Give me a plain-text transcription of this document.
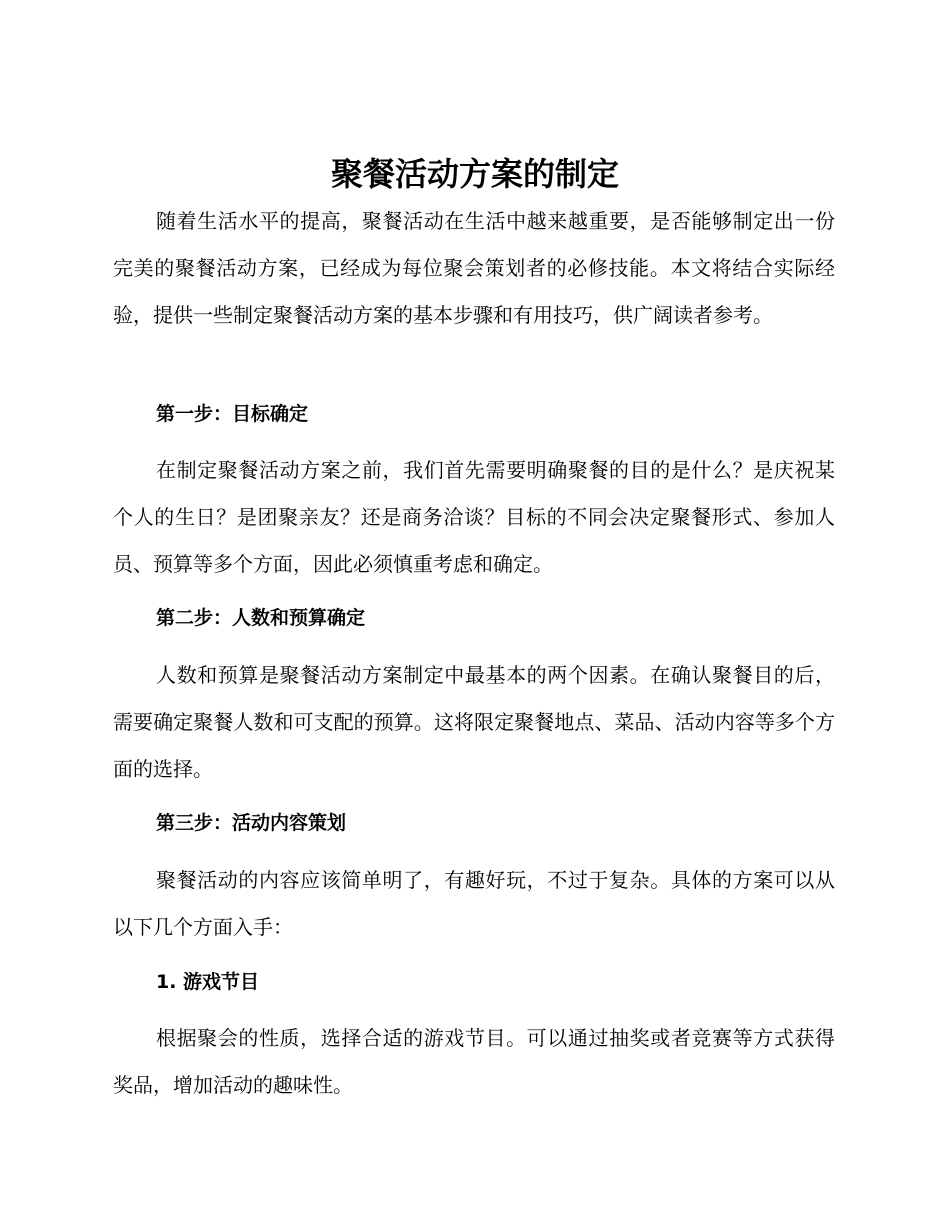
聚餐活动方案的制定

随着生活水平的提高，聚餐活动在生活中越来越重要，是否能够制定出一份完美的聚餐活动方案，已经成为每位聚会策划者的必修技能。本文将结合实际经验，提供一些制定聚餐活动方案的基本步骤和有用技巧，供广阔读者参考。

第一步：目标确定

在制定聚餐活动方案之前，我们首先需要明确聚餐的目的是什么？是庆祝某个人的生日？是团聚亲友？还是商务洽谈？目标的不同会决定聚餐形式、参加人员、预算等多个方面，因此必须慎重考虑和确定。

第二步：人数和预算确定

人数和预算是聚餐活动方案制定中最基本的两个因素。在确认聚餐目的后，需要确定聚餐人数和可支配的预算。这将限定聚餐地点、菜品、活动内容等多个方面的选择。

第三步：活动内容策划

聚餐活动的内容应该简单明了，有趣好玩，不过于复杂。具体的方案可以从以下几个方面入手：

1. 游戏节目

根据聚会的性质，选择合适的游戏节目。可以通过抽奖或者竞赛等方式获得奖品，增加活动的趣味性。
